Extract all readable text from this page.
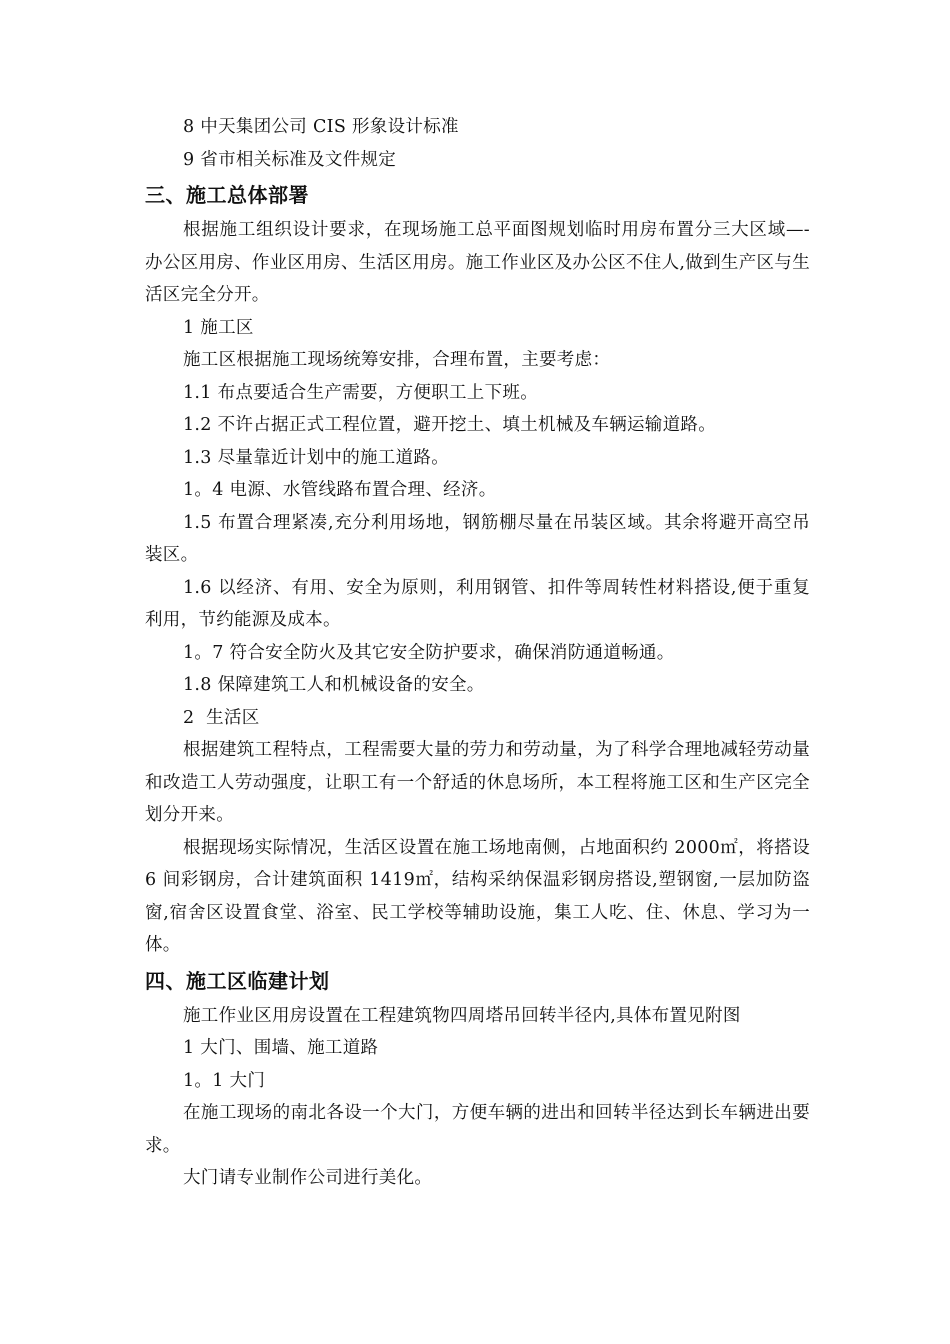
8 中天集团公司 CIS 形象设计标准

9 省市相关标准及文件规定

三、施工总体部署

根据施工组织设计要求，在现场施工总平面图规划临时用房布置分三大区域—-办公区用房、作业区用房、生活区用房。施工作业区及办公区不住人,做到生产区与生活区完全分开。

1 施工区

施工区根据施工现场统筹安排，合理布置，主要考虑：

1.1 布点要适合生产需要，方便职工上下班。

1.2 不许占据正式工程位置，避开挖土、填土机械及车辆运输道路。

1.3 尽量靠近计划中的施工道路。

1。4 电源、水管线路布置合理、经济。

1.5 布置合理紧凑,充分利用场地，钢筋棚尽量在吊装区域。其余将避开高空吊装区。

1.6 以经济、有用、安全为原则，利用钢管、扣件等周转性材料搭设,便于重复利用，节约能源及成本。

1。7 符合安全防火及其它安全防护要求，确保消防通道畅通。

1.8 保障建筑工人和机械设备的安全。

2  生活区

根据建筑工程特点，工程需要大量的劳力和劳动量，为了科学合理地减轻劳动量和改造工人劳动强度，让职工有一个舒适的休息场所，本工程将施工区和生产区完全划分开来。

根据现场实际情况，生活区设置在施工场地南侧，占地面积约 2000㎡，将搭设 6 间彩钢房，合计建筑面积 1419㎡，结构采纳保温彩钢房搭设,塑钢窗,一层加防盗窗,宿舍区设置食堂、浴室、民工学校等辅助设施，集工人吃、住、休息、学习为一体。

四、施工区临建计划

施工作业区用房设置在工程建筑物四周塔吊回转半径内,具体布置见附图

1 大门、围墙、施工道路

1。1 大门

在施工现场的南北各设一个大门，方便车辆的进出和回转半径达到长车辆进出要求。

大门请专业制作公司进行美化。
